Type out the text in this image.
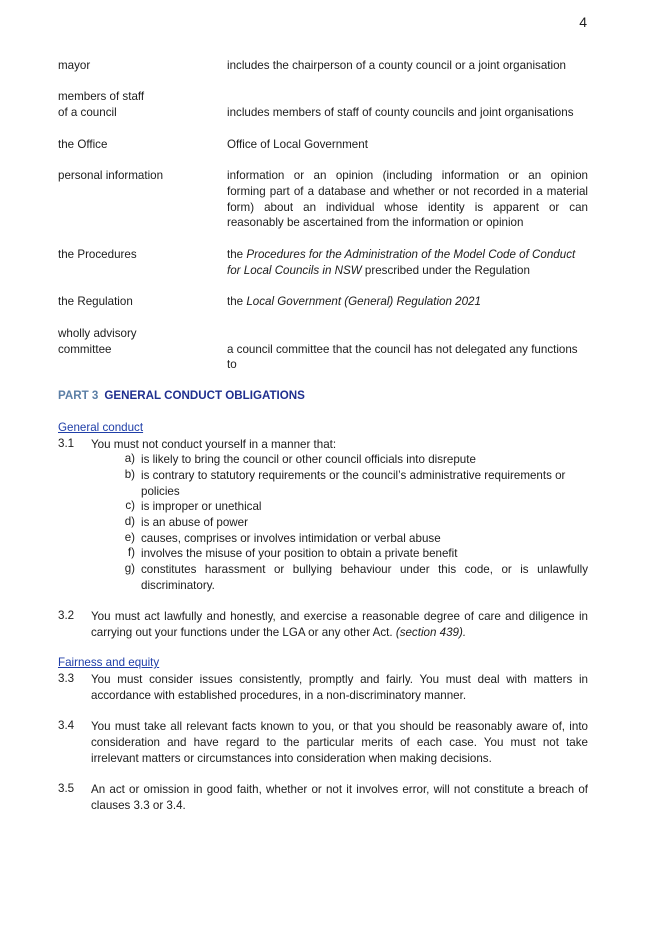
4
mayor	includes the chairperson of a county council or a joint organisation
members of staff
of a council	includes members of staff of county councils and joint organisations
the Office	Office of Local Government
personal information	information or an opinion (including information or an opinion
forming part of a database and whether or not recorded in a material
form) about an individual whose identity is apparent or can
reasonably be ascertained from the information or opinion
the Procedures	the Procedures for the Administration of the Model Code of Conduct
for Local Councils in NSW prescribed under the Regulation
the Regulation	the Local Government (General) Regulation 2021
wholly advisory
committee	a council committee that the council has not delegated any functions
to
PART 3 GENERAL CONDUCT OBLIGATIONS
General conduct
3.1 You must not conduct yourself in a manner that:
a) is likely to bring the council or other council officials into disrepute
b) is contrary to statutory requirements or the council’s administrative requirements or
policies
c) is improper or unethical
d) is an abuse of power
e) causes, comprises or involves intimidation or verbal abuse
f) involves the misuse of your position to obtain a private benefit
g) constitutes harassment or bullying behaviour under this code, or is unlawfully
discriminatory.
3.2 You must act lawfully and honestly, and exercise a reasonable degree of care and diligence in
carrying out your functions under the LGA or any other Act. (section 439).
Fairness and equity
3.3 You must consider issues consistently, promptly and fairly. You must deal with matters in
accordance with established procedures, in a non-discriminatory manner.
3.4 You must take all relevant facts known to you, or that you should be reasonably aware of, into
consideration and have regard to the particular merits of each case. You must not take
irrelevant matters or circumstances into consideration when making decisions.
3.5 An act or omission in good faith, whether or not it involves error, will not constitute a breach of
clauses 3.3 or 3.4.
